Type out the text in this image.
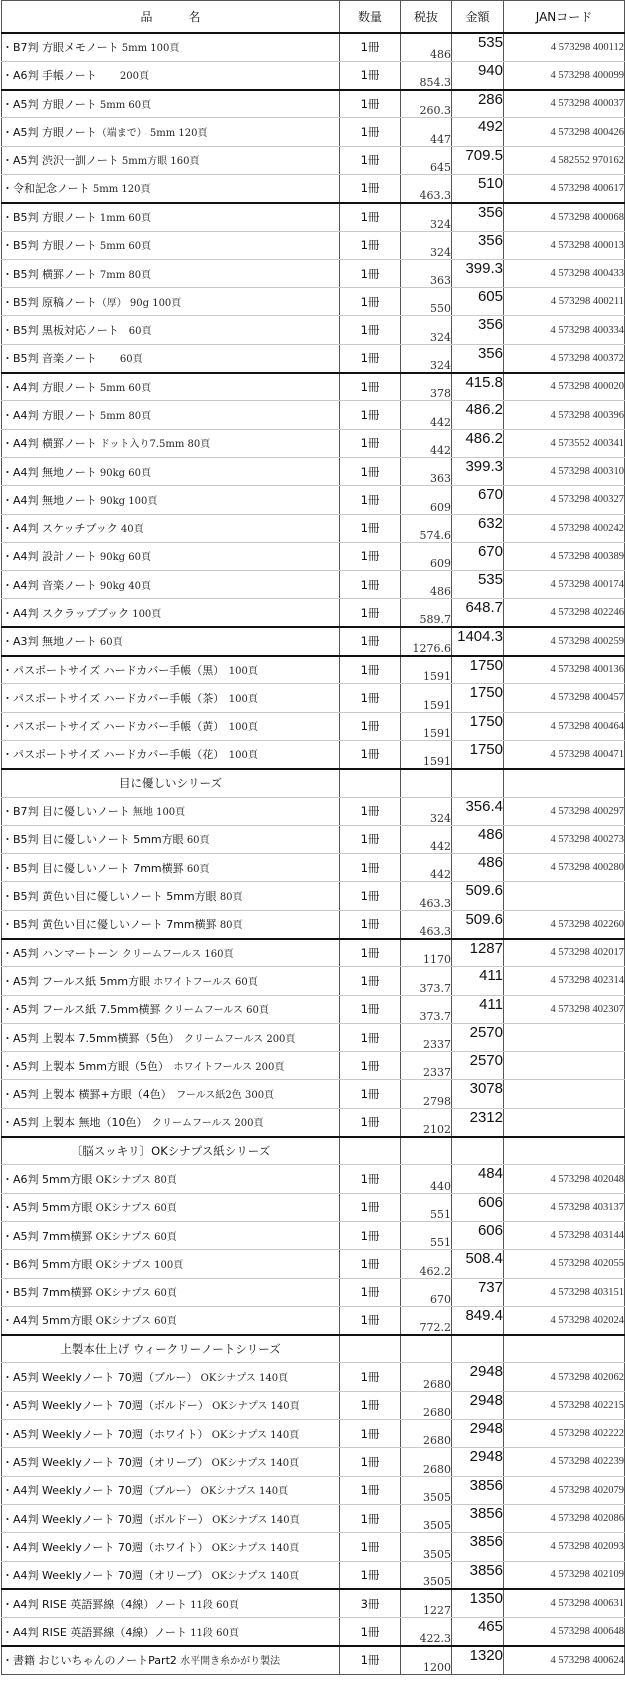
品　　　名	数量	税抜	金額	JANコード
・B7判 方眼メモノート 5mm 100頁	1冊	486	535	4 573298 400112
・A6判 手帳ノート　　 200頁	1冊	854.3	940	4 573298 400099
・A5判 方眼ノート 5mm 60頁	1冊	260.3	286	4 573298 400037
・A5判 方眼ノート（端まで） 5mm 120頁	1冊	447	492	4 573298 400426
・A5判 渋沢一訓ノート 5mm方眼 160頁	1冊	645	709.5	4 582552 970162
・令和記念ノート 5mm 120頁	1冊	463.3	510	4 573298 400617
・B5判 方眼ノート 1mm 60頁	1冊	324	356	4 573298 400068
・B5判 方眼ノート 5mm 60頁	1冊	324	356	4 573298 400013
・B5判 横罫ノート 7mm 80頁	1冊	363	399.3	4 573298 400433
・B5判 原稿ノート（厚） 90g 100頁	1冊	550	605	4 573298 400211
・B5判 黒板対応ノート　60頁	1冊	324	356	4 573298 400334
・B5判 音楽ノート　　 60頁	1冊	324	356	4 573298 400372
・A4判 方眼ノート 5mm 60頁	1冊	378	415.8	4 573298 400020
・A4判 方眼ノート 5mm 80頁	1冊	442	486.2	4 573298 400396
・A4判 横罫ノート ドット入り7.5mm 80頁	1冊	442	486.2	4 573552 400341
・A4判 無地ノート 90kg 60頁	1冊	363	399.3	4 573298 400310
・A4判 無地ノート 90kg 100頁	1冊	609	670	4 573298 400327
・A4判 スケッチブック 40頁	1冊	574.6	632	4 573298 400242
・A4判 設計ノート 90kg 60頁	1冊	609	670	4 573298 400389
・A4判 音楽ノート 90kg 40頁	1冊	486	535	4 573298 400174
・A4判 スクラップブック 100頁	1冊	589.7	648.7	4 573298 402246
・A3判 無地ノート 60頁	1冊	1276.6	1404.3	4 573298 400259
・パスポートサイズ ハードカバー手帳（黒）　100頁	1冊	1591	1750	4 573298 400136
・パスポートサイズ ハードカバー手帳（茶）　100頁	1冊	1591	1750	4 573298 400457
・パスポートサイズ ハードカバー手帳（黄）　100頁	1冊	1591	1750	4 573298 400464
・パスポートサイズ ハードカバー手帳（花）　100頁	1冊	1591	1750	4 573298 400471
目に優しいシリーズ				
・B7判 目に優しいノート 無地 100頁	1冊	324	356.4	4 573298 400297
・B5判 目に優しいノート 5mm方眼 60頁	1冊	442	486	4 573298 400273
・B5判 目に優しいノート 7mm横罫 60頁	1冊	442	486	4 573298 400280
・B5判 黄色い目に優しいノート 5mm方眼 80頁	1冊	463.3	509.6	
・B5判 黄色い目に優しいノート 7mm横罫 80頁	1冊	463.3	509.6	4 573298 402260
・A5判 ハンマートーン クリームフールス 160頁	1冊	1170	1287	4 573298 402017
・A5判 フールス紙 5mm方眼 ホワイトフールス 60頁	1冊	373.7	411	4 573298 402314
・A5判 フールス紙 7.5mm横罫 クリームフールス 60頁	1冊	373.7	411	4 573298 402307
・A5判 上製本 7.5mm横罫（5色）　クリームフールス 200頁	1冊	2337	2570	
・A5判 上製本 5mm方眼（5色）　ホワイトフールス 200頁	1冊	2337	2570	
・A5判 上製本 横罫+方眼（4色）　フールス紙2色 300頁	1冊	2798	3078	
・A5判 上製本 無地（10色）　クリームフールス 200頁	1冊	2102	2312	
〔脳スッキリ〕OKシナプス紙シリーズ				
・A6判 5mm方眼 OKシナプス 80頁	1冊	440	484	4 573298 402048
・A5判 5mm方眼 OKシナプス 60頁	1冊	551	606	4 573298 403137
・A5判 7mm横罫 OKシナプス 60頁	1冊	551	606	4 573298 403144
・B6判 5mm方眼 OKシナプス 100頁	1冊	462.2	508.4	4 573298 402055
・B5判 7mm横罫 OKシナプス 60頁	1冊	670	737	4 573298 403151
・A4判 5mm方眼 OKシナプス 60頁	1冊	772.2	849.4	4 573298 402024
上製本仕上げ ウィークリーノートシリーズ				
・A5判 Weeklyノート 70週（ブルー） OKシナプス 140頁	1冊	2680	2948	4 573298 402062
・A5判 Weeklyノート 70週（ボルドー） OKシナプス 140頁	1冊	2680	2948	4 573298 402215
・A5判 Weeklyノート 70週（ホワイト） OKシナプス 140頁	1冊	2680	2948	4 573298 402222
・A5判 Weeklyノート 70週（オリーブ） OKシナプス 140頁	1冊	2680	2948	4 573298 402239
・A4判 Weeklyノート 70週（ブルー） OKシナプス 140頁	1冊	3505	3856	4 573298 402079
・A4判 Weeklyノート 70週（ボルドー） OKシナプス 140頁	1冊	3505	3856	4 573298 402086
・A4判 Weeklyノート 70週（ホワイト） OKシナプス 140頁	1冊	3505	3856	4 573298 402093
・A4判 Weeklyノート 70週（オリーブ） OKシナプス 140頁	1冊	3505	3856	4 573298 402109
・A4判 RISE 英語罫線（4線）ノート 11段 60頁	3冊	1227	1350	4 573298 400631
・A4判 RISE 英語罫線（4線）ノート 11段 60頁	1冊	422.3	465	4 573298 400648
・書籍 おじいちゃんのノートPart2 水平開き糸かがり製法	1冊	1200	1320	4 573298 400624
